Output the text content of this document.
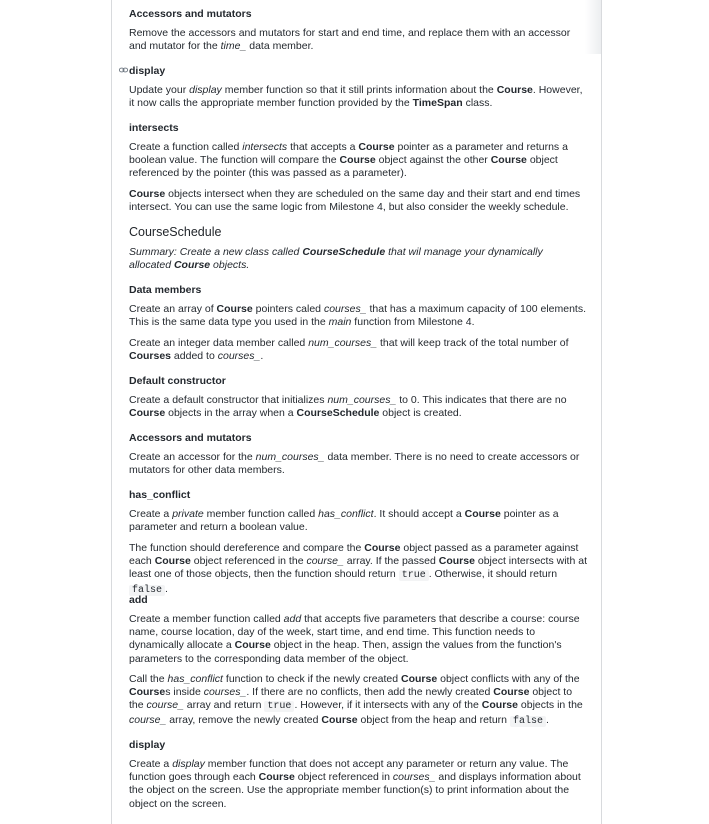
Accessors and mutators

Remove the accessors and mutators for start and end time, and replace them with an accessor and mutator for the time_ data member.

display

Update your display member function so that it still prints information about the Course. However, it now calls the appropriate member function provided by the TimeSpan class.

intersects

Create a function called intersects that accepts a Course pointer as a parameter and returns a boolean value. The function will compare the Course object against the other Course object referenced by the pointer (this was passed as a parameter).

Course objects intersect when they are scheduled on the same day and their start and end times intersect. You can use the same logic from Milestone 4, but also consider the weekly schedule.

CourseSchedule

Summary: Create a new class called CourseSchedule that wil manage your dynamically allocated Course objects.

Data members

Create an array of Course pointers caled courses_ that has a maximum capacity of 100 elements. This is the same data type you used in the main function from Milestone 4.

Create an integer data member called num_courses_ that will keep track of the total number of Courses added to courses_.

Default constructor

Create a default constructor that initializes num_courses_ to 0. This indicates that there are no Course objects in the array when a CourseSchedule object is created.

Accessors and mutators

Create an accessor for the num_courses_ data member. There is no need to create accessors or mutators for other data members.

has_conflict

Create a private member function called has_conflict. It should accept a Course pointer as a parameter and return a boolean value.

The function should dereference and compare the Course object passed as a parameter against each Course object referenced in the course_ array. If the passed Course object intersects with at least one of those objects, then the function should return true . Otherwise, it should return false .

add

Create a member function called add that accepts five parameters that describe a course: course name, course location, day of the week, start time, and end time. This function needs to dynamically allocate a Course object in the heap. Then, assign the values from the function's parameters to the corresponding data member of the object.

Call the has_conflict function to check if the newly created Course object conflicts with any of the Courses inside courses_. If there are no conflicts, then add the newly created Course object to the course_ array and return true . However, if it intersects with any of the Course objects in the course_ array, remove the newly created Course object from the heap and return false .

display

Create a display member function that does not accept any parameter or return any value. The function goes through each Course object referenced in courses_ and displays information about the object on the screen. Use the appropriate member function(s) to print information about the object on the screen.
